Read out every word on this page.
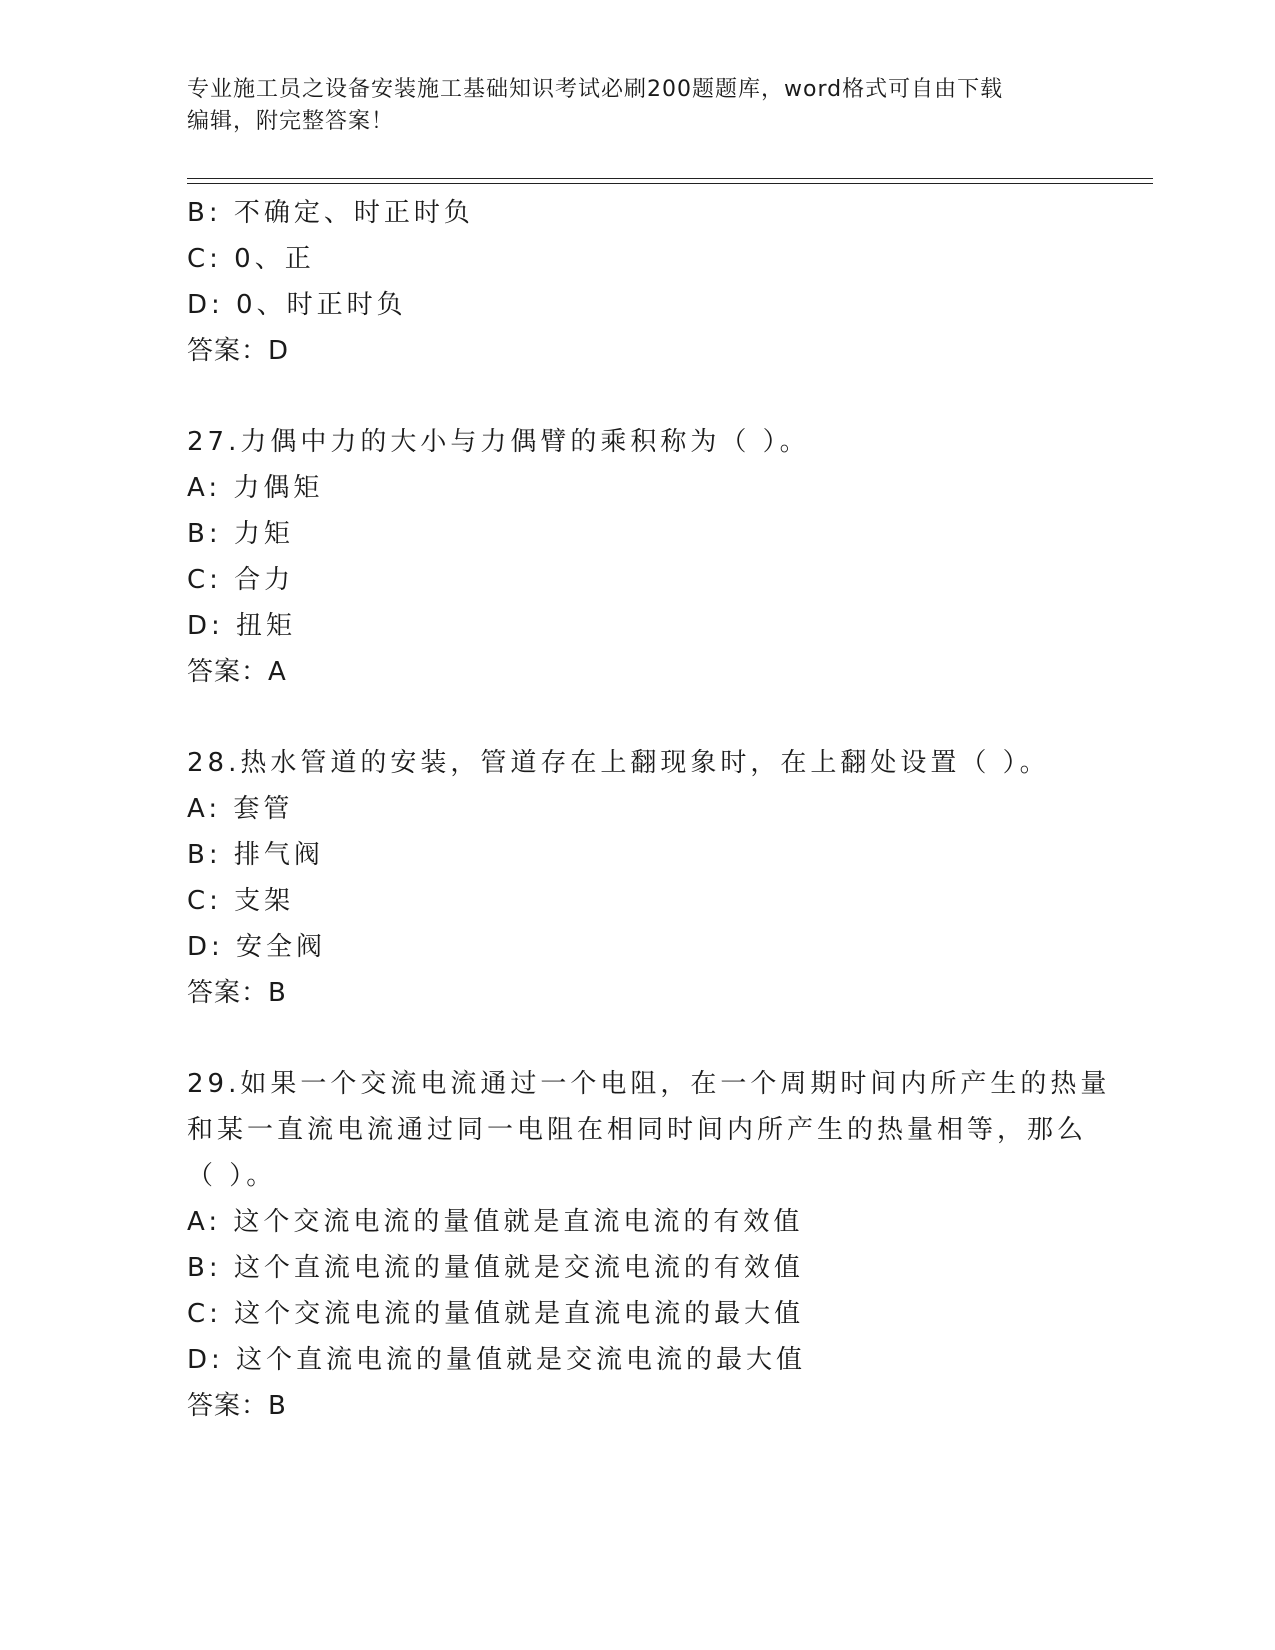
专业施工员之设备安装施工基础知识考试必刷200题题库，word格式可自由下载
编辑，附完整答案！
B: 不确定、时正时负
C: 0、正
D: 0、时正时负
答案：D
27.力偶中力的大小与力偶臂的乘积称为（ ）。
A: 力偶矩
B: 力矩
C: 合力
D: 扭矩
答案：A
28.热水管道的安装，管道存在上翻现象时，在上翻处设置（ ）。
A: 套管
B: 排气阀
C: 支架
D: 安全阀
答案：B
29.如果一个交流电流通过一个电阻，在一个周期时间内所产生的热量
和某一直流电流通过同一电阻在相同时间内所产生的热量相等，那么
（ ）。
A: 这个交流电流的量值就是直流电流的有效值
B: 这个直流电流的量值就是交流电流的有效值
C: 这个交流电流的量值就是直流电流的最大值
D: 这个直流电流的量值就是交流电流的最大值
答案：B
